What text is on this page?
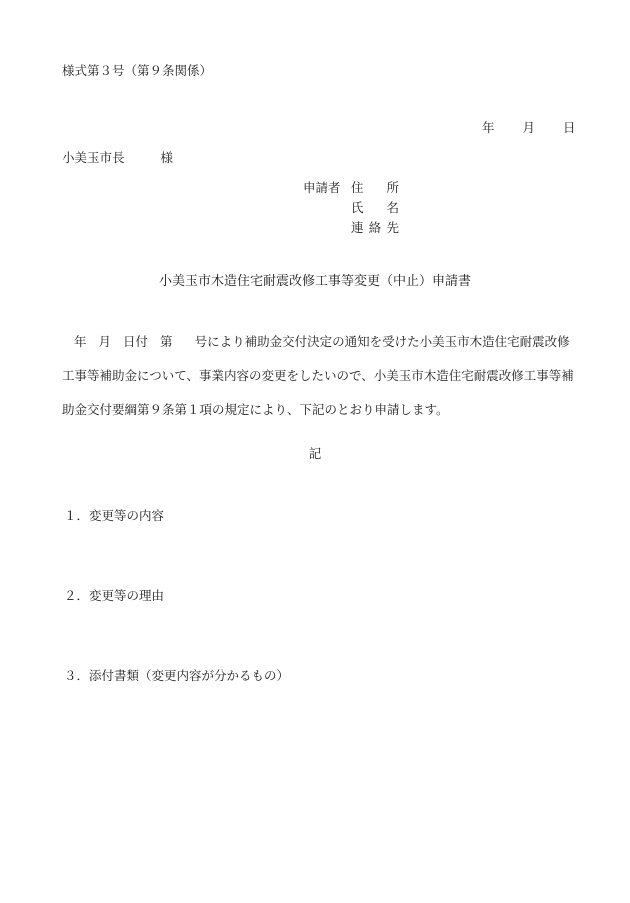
様式第３号（第９条関係）
年 月 日
小美玉市長	様
申請者 住 所
氏 名
連 絡 先
小美玉市木造住宅耐震改修工事等変更（中止）申請書

年 月 日付 第 号により補助金交付決定の通知を受けた小美玉市木造住宅耐震改修

工事等補助金について、事業内容の変更をしたいので、小美玉市木造住宅耐震改修工事等補

助金交付要綱第９条第１項の規定により、下記のとおり申請します。

記
１．変更等の内容
２．変更等の理由
３．添付書類（変更内容が分かるもの）
